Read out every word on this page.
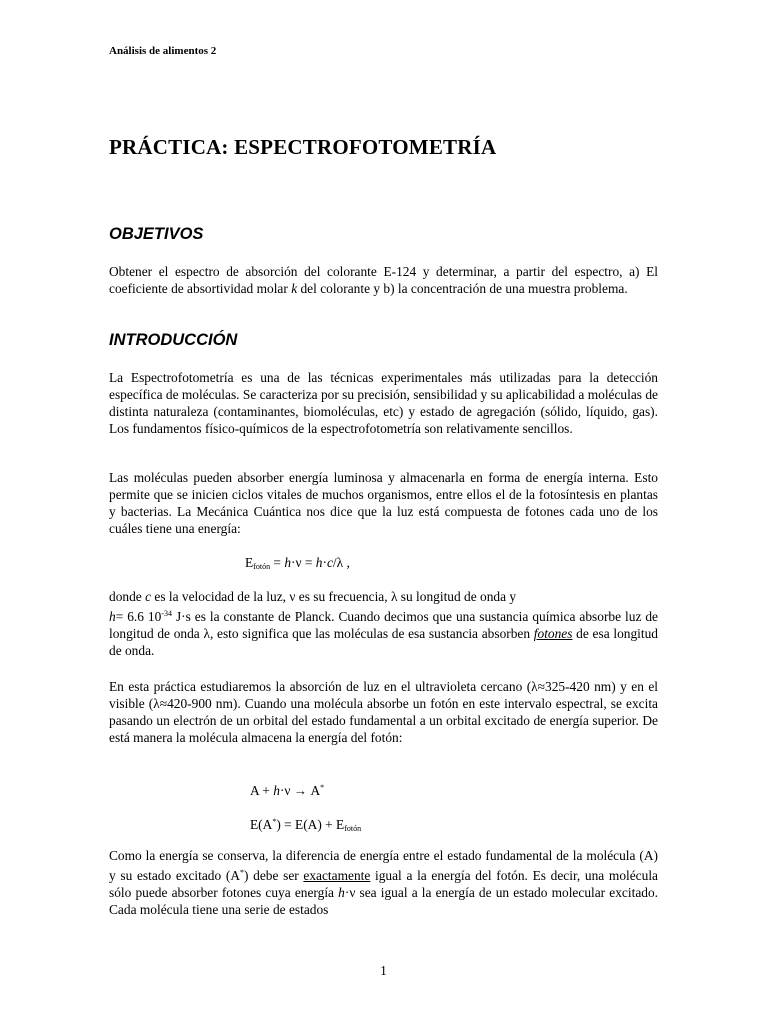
Análisis de alimentos 2
PRÁCTICA: ESPECTROFOTOMETRÍA
OBJETIVOS

Obtener el espectro de absorción del colorante E-124 y determinar, a partir del espectro, a) El coeficiente de absortividad molar k del colorante y b) la concentración de una muestra problema.

INTRODUCCIÓN

La Espectrofotometría es una de las técnicas experimentales más utilizadas para la detección específica de moléculas. Se caracteriza por su precisión, sensibilidad y su aplicabilidad a moléculas de distinta naturaleza (contaminantes, biomoléculas, etc) y estado de agregación (sólido, líquido, gas). Los fundamentos físico-químicos de la espectrofotometría son relativamente sencillos.

Las moléculas pueden absorber energía luminosa y almacenarla en forma de energía interna. Esto permite que se inicien ciclos vitales de muchos organismos, entre ellos el de la fotosíntesis en plantas y bacterias. La Mecánica Cuántica nos dice que la luz está compuesta de fotones cada uno de los cuáles tiene una energía:

$E_{fotón} = h\cdot\nu = h\cdot c/\lambda$ ,

donde c es la velocidad de la luz, ν es su frecuencia, λ su longitud de onda y
h= 6.6 $10^{-34}$ J·s es la constante de Planck. Cuando decimos que una sustancia química absorbe luz de longitud de onda λ, esto significa que las moléculas de esa sustancia absorben fotones de esa longitud de onda.

En esta práctica estudiaremos la absorción de luz en el ultravioleta cercano (λ≈325-420 nm) y en el visible (λ≈420-900 nm). Cuando una molécula absorbe un fotón en este intervalo espectral, se excita pasando un electrón de un orbital del estado fundamental a un orbital excitado de energía superior. De está manera la molécula almacena la energía del fotón:

A + h·ν → A*
$E(A^*) = E(A) + E_{fotón}$

Como la energía se conserva, la diferencia de energía entre el estado fundamental de la molécula (A) y su estado excitado (A*) debe ser exactamente igual a la energía del fotón. Es decir, una molécula sólo puede absorber fotones cuya energía h·ν sea igual a la energía de un estado molecular excitado. Cada molécula tiene una serie de estados

1
